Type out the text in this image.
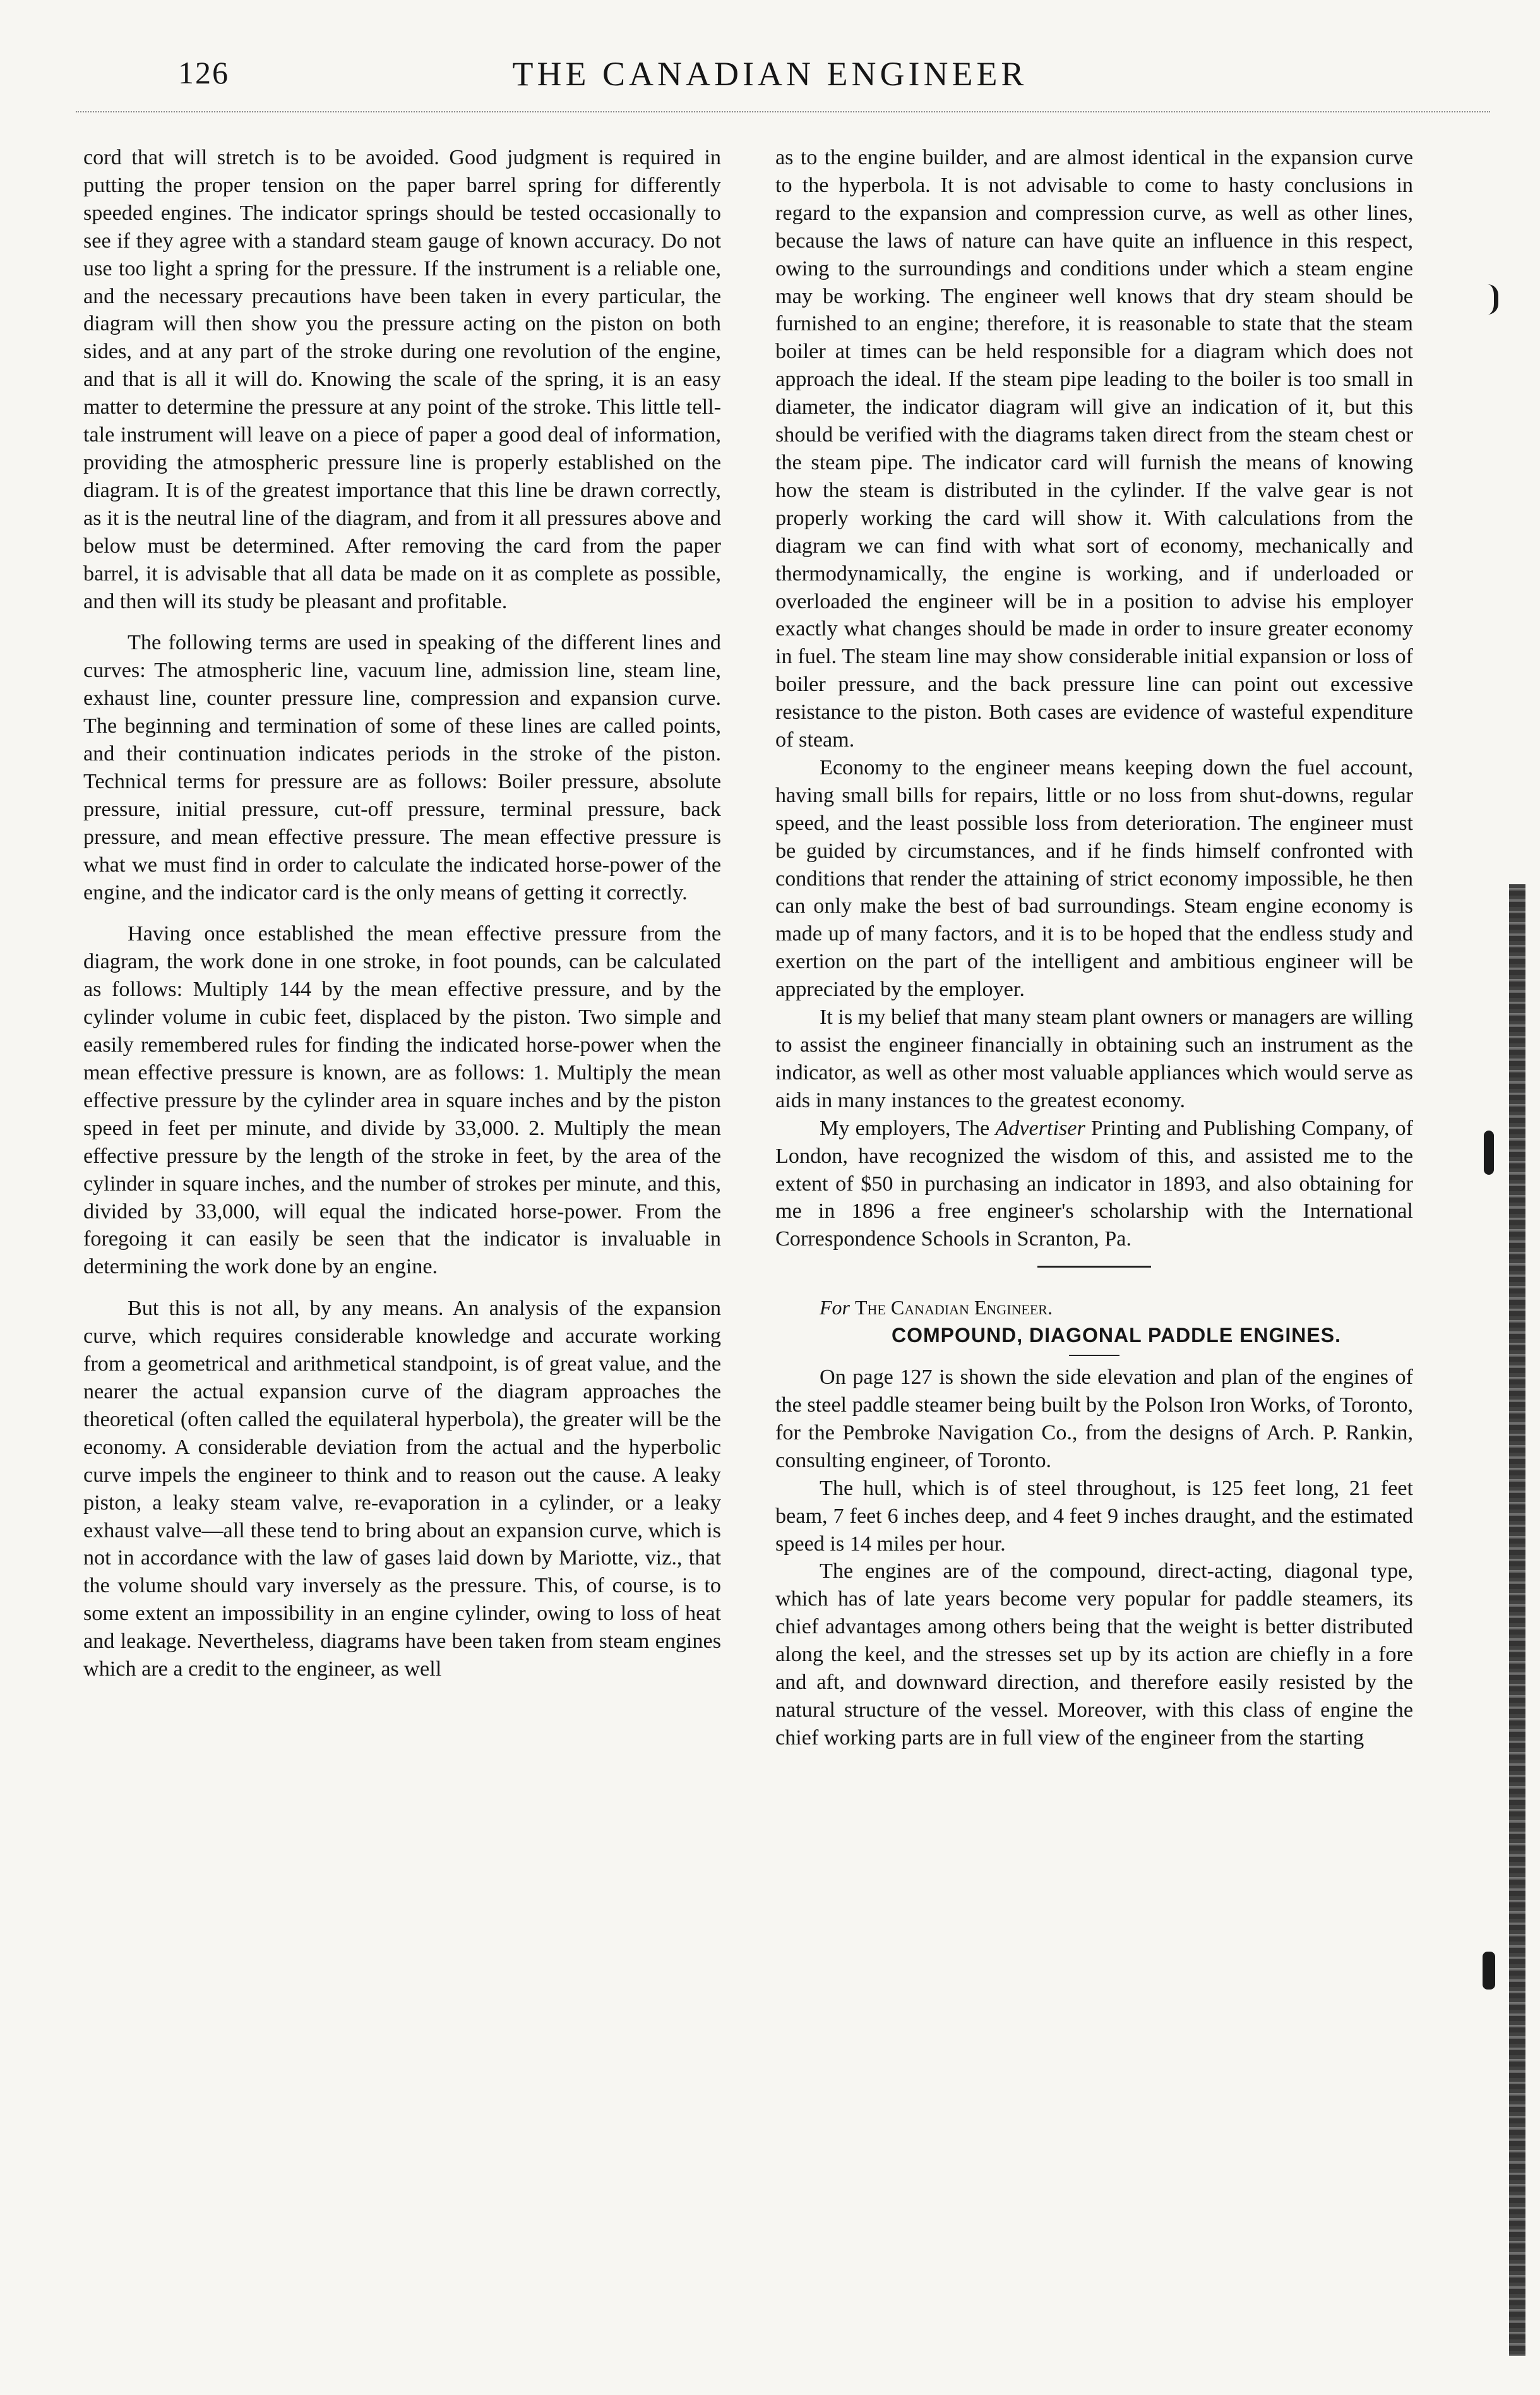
126	THE CANADIAN ENGINEER

cord that will stretch is to be avoided. Good judgment is required in putting the proper tension on the paper barrel spring for differently speeded engines. The indicator springs should be tested occasionally to see if they agree with a standard steam gauge of known accuracy. Do not use too light a spring for the pressure. If the instrument is a reliable one, and the necessary precautions have been taken in every particular, the diagram will then show you the pressure acting on the piston on both sides, and at any part of the stroke during one revolution of the engine, and that is all it will do. Knowing the scale of the spring, it is an easy matter to determine the pressure at any point of the stroke. This little tell-tale instrument will leave on a piece of paper a good deal of information, providing the atmospheric pressure line is properly established on the diagram. It is of the greatest importance that this line be drawn correctly, as it is the neutral line of the diagram, and from it all pressures above and below must be determined. After removing the card from the paper barrel, it is advisable that all data be made on it as complete as possible, and then will its study be pleasant and profitable.

The following terms are used in speaking of the different lines and curves: The atmospheric line, vacuum line, admission line, steam line, exhaust line, counter pressure line, compression and expansion curve. The beginning and termination of some of these lines are called points, and their continuation indicates periods in the stroke of the piston. Technical terms for pressure are as follows: Boiler pressure, absolute pressure, initial pressure, cut-off pressure, terminal pressure, back pressure, and mean effective pressure. The mean effective pressure is what we must find in order to calculate the indicated horse-power of the engine, and the indicator card is the only means of getting it correctly.

Having once established the mean effective pressure from the diagram, the work done in one stroke, in foot pounds, can be calculated as follows: Multiply 144 by the mean effective pressure, and by the cylinder volume in cubic feet, displaced by the piston. Two simple and easily remembered rules for finding the indicated horse-power when the mean effective pressure is known, are as follows: 1. Multiply the mean effective pressure by the cylinder area in square inches and by the piston speed in feet per minute, and divide by 33,000. 2. Multiply the mean effective pressure by the length of the stroke in feet, by the area of the cylinder in square inches, and the number of strokes per minute, and this, divided by 33,000, will equal the indicated horse-power. From the foregoing it can easily be seen that the indicator is invaluable in determining the work done by an engine.

But this is not all, by any means. An analysis of the expansion curve, which requires considerable knowledge and accurate working from a geometrical and arithmetical standpoint, is of great value, and the nearer the actual expansion curve of the diagram approaches the theoretical (often called the equilateral hyperbola), the greater will be the economy. A considerable deviation from the actual and the hyperbolic curve impels the engineer to think and to reason out the cause. A leaky piston, a leaky steam valve, re-evaporation in a cylinder, or a leaky exhaust valve—all these tend to bring about an expansion curve, which is not in accordance with the law of gases laid down by Mariotte, viz., that the volume should vary inversely as the pressure. This, of course, is to some extent an impossibility in an engine cylinder, owing to loss of heat and leakage. Nevertheless, diagrams have been taken from steam engines which are a credit to the engineer, as well

as to the engine builder, and are almost identical in the expansion curve to the hyperbola. It is not advisable to come to hasty conclusions in regard to the expansion and compression curve, as well as other lines, because the laws of nature can have quite an influence in this respect, owing to the surroundings and conditions under which a steam engine may be working. The engineer well knows that dry steam should be furnished to an engine; therefore, it is reasonable to state that the steam boiler at times can be held responsible for a diagram which does not approach the ideal. If the steam pipe leading to the boiler is too small in diameter, the indicator diagram will give an indication of it, but this should be verified with the diagrams taken direct from the steam chest or the steam pipe. The indicator card will furnish the means of knowing how the steam is distributed in the cylinder. If the valve gear is not properly working the card will show it. With calculations from the diagram we can find with what sort of economy, mechanically and thermodynamically, the engine is working, and if underloaded or overloaded the engineer will be in a position to advise his employer exactly what changes should be made in order to insure greater economy in fuel. The steam line may show considerable initial expansion or loss of boiler pressure, and the back pressure line can point out excessive resistance to the piston. Both cases are evidence of wasteful expenditure of steam.

Economy to the engineer means keeping down the fuel account, having small bills for repairs, little or no loss from shut-downs, regular speed, and the least possible loss from deterioration. The engineer must be guided by circumstances, and if he finds himself confronted with conditions that render the attaining of strict economy impossible, he then can only make the best of bad surroundings. Steam engine economy is made up of many factors, and it is to be hoped that the endless study and exertion on the part of the intelligent and ambitious engineer will be appreciated by the employer.

It is my belief that many steam plant owners or managers are willing to assist the engineer financially in obtaining such an instrument as the indicator, as well as other most valuable appliances which would serve as aids in many instances to the greatest economy.

My employers, The Advertiser Printing and Publishing Company, of London, have recognized the wisdom of this, and assisted me to the extent of $50 in purchasing an indicator in 1893, and also obtaining for me in 1896 a free engineer's scholarship with the International Correspondence Schools in Scranton, Pa.

For The Canadian Engineer.

COMPOUND, DIAGONAL PADDLE ENGINES.

On page 127 is shown the side elevation and plan of the engines of the steel paddle steamer being built by the Polson Iron Works, of Toronto, for the Pembroke Navigation Co., from the designs of Arch. P. Rankin, consulting engineer, of Toronto.

The hull, which is of steel throughout, is 125 feet long, 21 feet beam, 7 feet 6 inches deep, and 4 feet 9 inches draught, and the estimated speed is 14 miles per hour.

The engines are of the compound, direct-acting, diagonal type, which has of late years become very popular for paddle steamers, its chief advantages among others being that the weight is better distributed along the keel, and the stresses set up by its action are chiefly in a fore and aft, and downward direction, and therefore easily resisted by the natural structure of the vessel. Moreover, with this class of engine the chief working parts are in full view of the engineer from the starting
